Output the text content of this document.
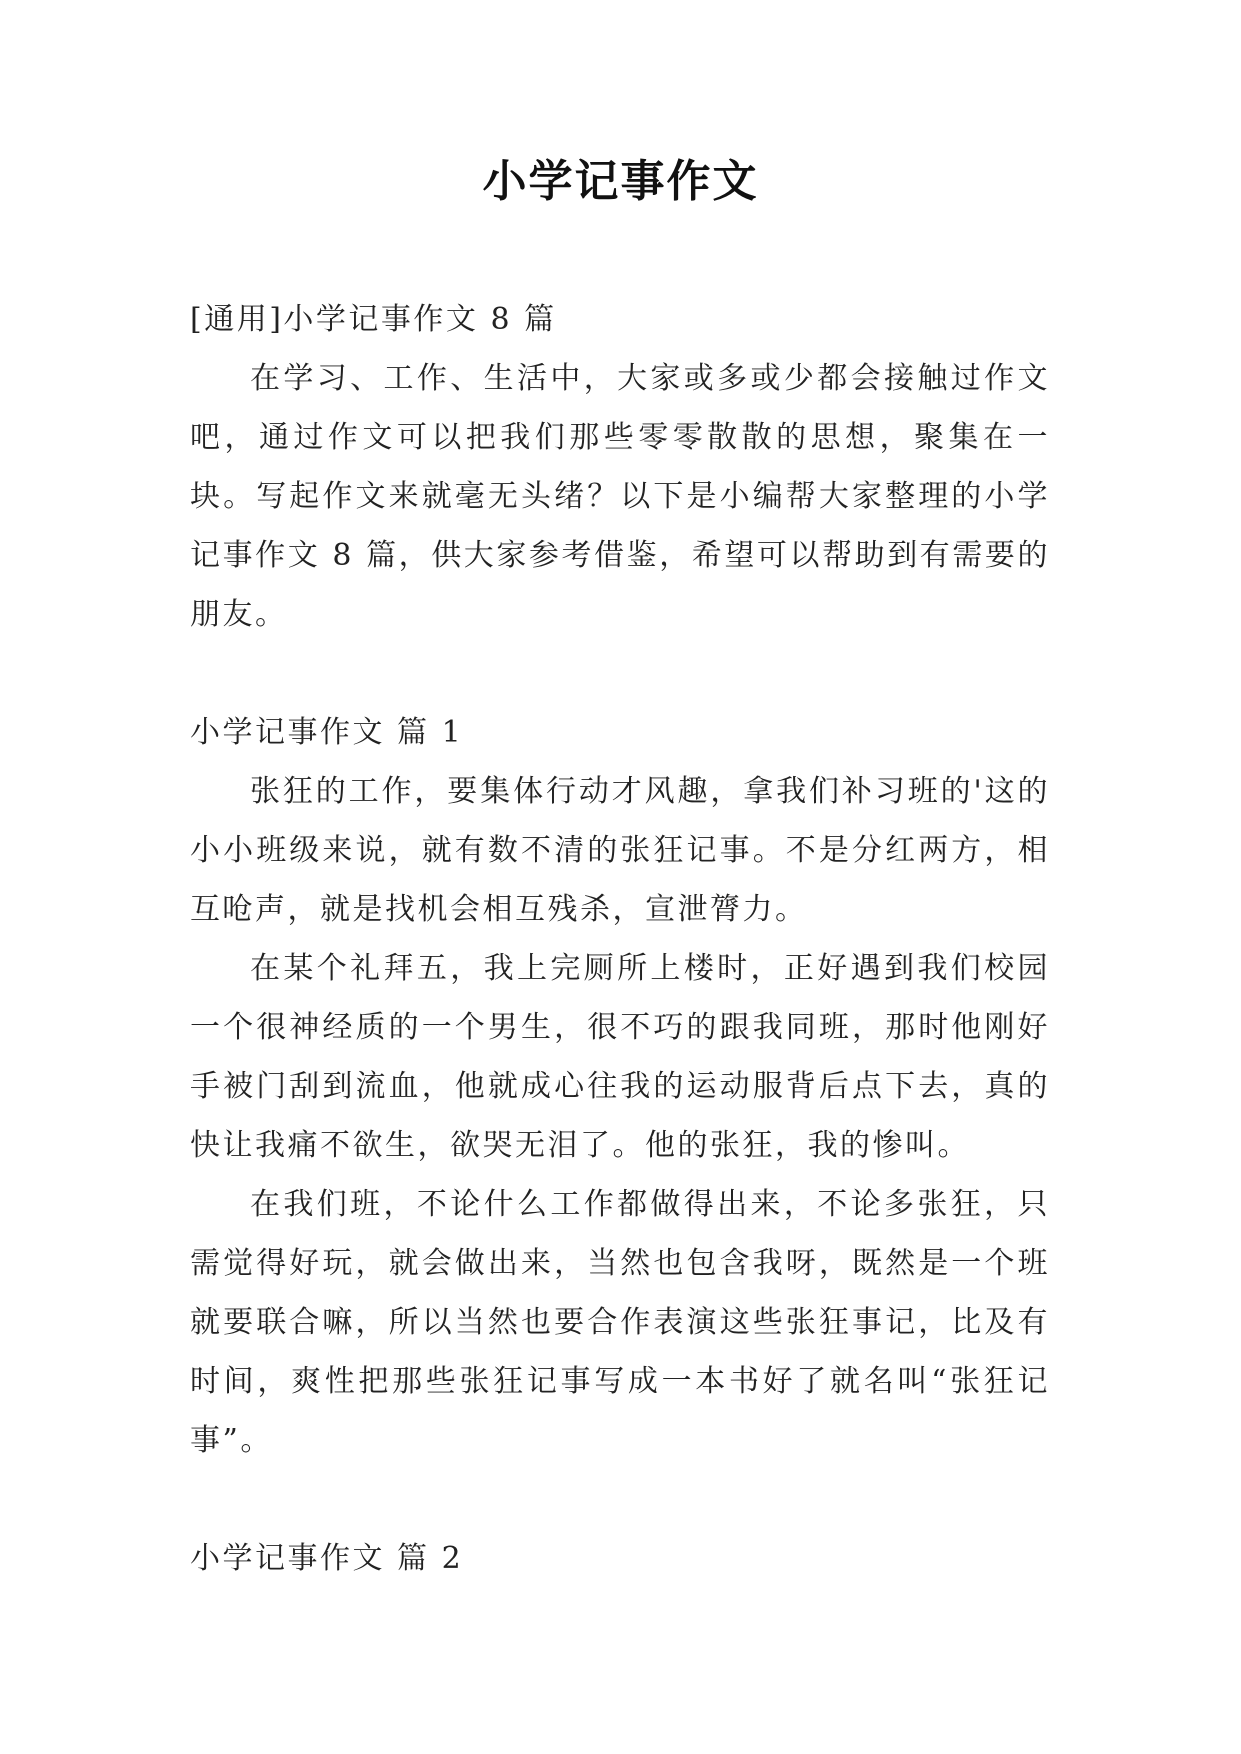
小学记事作文
[通用]小学记事作文 8 篇

在学习、工作、生活中，大家或多或少都会接触过作文吧，通过作文可以把我们那些零零散散的思想，聚集在一块。写起作文来就毫无头绪？以下是小编帮大家整理的小学记事作文 8 篇，供大家参考借鉴，希望可以帮助到有需要的朋友。

小学记事作文 篇 1

张狂的工作，要集体行动才风趣，拿我们补习班的'这的小小班级来说，就有数不清的张狂记事。不是分红两方，相互呛声，就是找机会相互残杀，宣泄膂力。

在某个礼拜五，我上完厕所上楼时，正好遇到我们校园一个很神经质的一个男生，很不巧的跟我同班，那时他刚好手被门刮到流血，他就成心往我的运动服背后点下去，真的快让我痛不欲生，欲哭无泪了。他的张狂，我的惨叫。

在我们班，不论什么工作都做得出来，不论多张狂，只需觉得好玩，就会做出来，当然也包含我呀，既然是一个班就要联合嘛，所以当然也要合作表演这些张狂事记，比及有时间，爽性把那些张狂记事写成一本书好了就名叫“张狂记事”。

小学记事作文 篇 2
